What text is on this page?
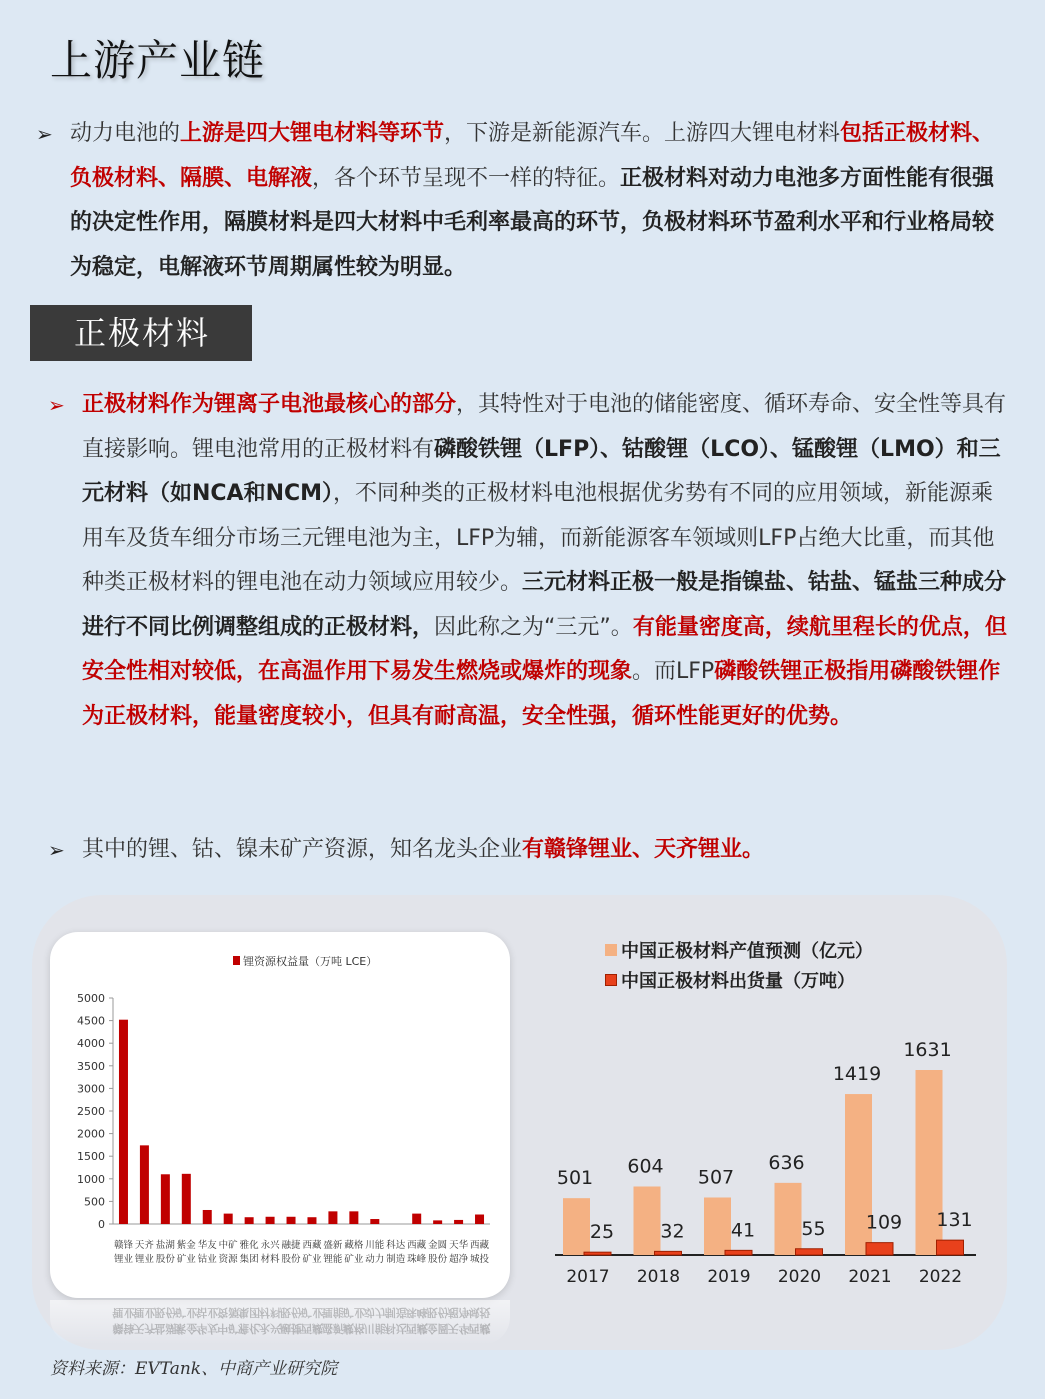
上游产业链
➢ 动力电池的上游是四大锂电材料等环节，下游是新能源汽车。上游四大锂电材料包括正极材料、负极材料、隔膜、电解液，各个环节呈现不一样的特征。正极材料对动力电池多方面性能有很强的决定性作用，隔膜材料是四大材料中毛利率最高的环节，负极材料环节盈利水平和行业格局较为稳定，电解液环节周期属性较为明显。

正极材料
➢ 正极材料作为锂离子电池最核心的部分，其特性对于电池的储能密度、循环寿命、安全性等具有直接影响。锂电池常用的正极材料有磷酸铁锂（LFP）、钴酸锂（LCO）、锰酸锂（LMO）和三元材料（如NCA和NCM），不同种类的正极材料电池根据优劣势有不同的应用领域，新能源乘用车及货车细分市场三元锂电池为主，LFP为辅，而新能源客车领域则LFP占绝大比重，而其他种类正极材料的锂电池在动力领域应用较少。三元材料正极一般是指镍盐、钴盐、锰盐三种成分进行不同比例调整组成的正极材料，因此称之为“三元”。有能量密度高，续航里程长的优点，但安全性相对较低，在高温作用下易发生燃烧或爆炸的现象。而LFP磷酸铁锂正极指用磷酸铁锂作为正极材料，能量密度较小，但具有耐高温，安全性强，循环性能更好的优势。

➢ 其中的锂、钴、镍未矿产资源，知名龙头企业有赣锋锂业、天齐锂业。

锂资源权益量（万吨 LCE）
0
500
1000
1500
2000
2500
3000
3500
4000
4500
5000
赣锋
锂业
天齐
锂业
盐湖
股份
紫金
矿业
华友
钴业
中矿
资源
雅化
集团
永兴
材料
融捷
股份
西藏
矿业
盛新
锂能
藏格
矿业
川能
动力
科达
制造
西藏
珠峰
金圆
股份
天华
超净
西藏
城投
赣锋
锂业
天齐
锂业
盐湖
股份
紫金
矿业
华友
钴业
中矿
资源
雅化
集团
永兴
材料
融捷
股份
西藏
矿业
盛新
锂能
藏格
矿业
川能
动力
科达
制造
西藏
珠峰
金圆
股份
天华
超净
西藏
城投
中国正极材料产值预测（亿元）
中国正极材料出货量（万吨）
501
25
2017
604
32
2018
507
41
2019
636
55
2020
1419
109
2021
1631
131
2022
资料来源：EVTank、中商产业研究院
